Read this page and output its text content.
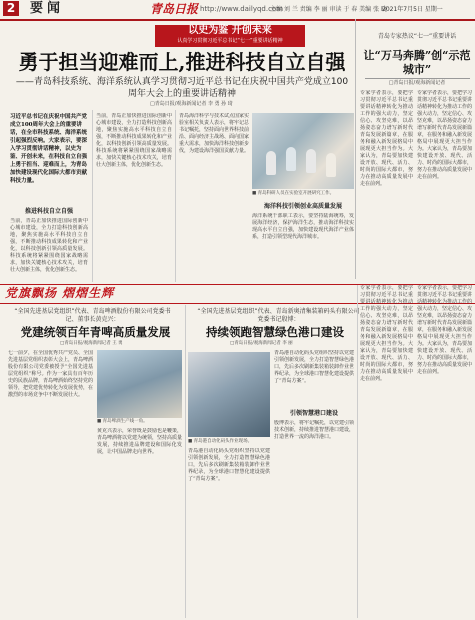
2 要闻	青岛日报 http://www.dailyqd.com
主编 刘 兰 责编 李 丽 审读 于 春 美编 张 晓
2021年7月5日 星期一
以史为鉴 开创未来
认真学习贯彻习近平总书记“七一”重要讲话精神
勇于担当迎难而上,推进科技自立自强
——青岛科技系统、海洋系统认真学习贯彻习近平总书记在庆祝中国共产党成立100周年大会上的重要讲话精神
□青岛日报/观海新闻记者 李 勇 孙 琦
习近平总书记在庆祝中国共产党成立100周年大会上的重要讲话，在全市科技系统、海洋系统引起强烈反响。大家表示，要深入学习贯彻讲话精神，以史为鉴、开创未来，在科技自立自强上勇于担当、迎难而上，为青岛加快建设现代化国际大都市贡献科技力量。
推进科技自立自强
当前，青岛正加快推进国际创新中心城市建设，全力打造科技创新高地，聚焦实施高水平科技自立自强，不断推动科技成果转化和产业化，以科技创新引领高质量发展。科技系统将紧紧围绕国家战略需求，加快关键核心技术攻关，培育壮大创新主体，优化创新生态。
当前，青岛正加快推进国际创新中心城市建设，全力打造科技创新高地，聚焦实施高水平科技自立自强，不断推动科技成果转化和产业化，以科技创新引领高质量发展。科技系统将紧紧围绕国家战略需求，加快关键核心技术攻关，培育壮大创新主体，优化创新生态。
青岛海洋科学与技术试点国家实验室相关负责人表示，将牢记总书记嘱托，坚持面向世界科技前沿、面向经济主战场、面向国家重大需求，加快海洋科技创新步伐，为建设海洋强国贡献力量。
■ 青岛科研人员在实验室开展研究工作。
海洋科技引领创业高质量发展
海洋系统干部职工表示，要坚持陆海统筹，发展海洋经济，保护海洋生态，推动海洋科技实现高水平自立自强，加快建设现代海洋产业体系，打造引领型现代海洋城市。
青岛专家热议“七一”重要讲话
让“万马奔腾”创“示范城市”
□青岛日报/观海新闻记者
专家学者表示，要把学习贯彻习近平总书记重要讲话精神转化为推动工作的强大动力，坚定信心、攻坚克难，以昂扬姿态奋力谱写新时代青岛发展新篇章，在服务和融入新发展格局中展现更大担当作为。大家认为，青岛要加快建设开放、现代、活力、时尚的国际大都市，努力在推动高质量发展中走在前列。
专家学者表示，要把学习贯彻习近平总书记重要讲话精神转化为推动工作的强大动力，坚定信心、攻坚克难，以昂扬姿态奋力谱写新时代青岛发展新篇章，在服务和融入新发展格局中展现更大担当作为。大家认为，青岛要加快建设开放、现代、活力、时尚的国际大都市，努力在推动高质量发展中走在前列。
党旗飘扬 熠熠生辉
“全国先进基层党组织”代表、青岛啤酒股份有限公司党委书记、董事长黄克兴：
党建统领百年青啤高质量发展
□青岛日报/观海新闻记者 王 勇
七一前夕，在全国优秀共产党员、全国先进基层党组织表彰大会上，青岛啤酒股份有限公司党委被授予“全国先进基层党组织”称号。作为一家具有百年历史的民族品牌，青岛啤酒始终坚持党的领导，把党建优势转化为发展优势，在激烈的市场竞争中不断发展壮大。
■ 青岛啤酒生产线一角。
黄克兴表示，荣誉既是鼓励也是鞭策，青岛啤酒将以党建为统领，坚持高质量发展，持续推进品牌建设和国际化发展，让中国品牌走向世界。
“全国先进基层党组织”代表、青岛新奥清集装箱码头有限公司党委书记殷博：
持续领跑智慧绿色港口建设
□青岛日报/观海新闻记者 李 丽
■ 青岛港自动化码头作业现场。
青岛港自动化码头党组织坚持以党建引领创新发展，全力打造智慧绿色港口，先后多次刷新集装箱装卸作业世界纪录，为全球港口智慧化建设提供了“青岛方案”。
青岛港自动化码头党组织坚持以党建引领创新发展，全力打造智慧绿色港口，先后多次刷新集装箱装卸作业世界纪录，为全球港口智慧化建设提供了“青岛方案”。
引领智慧港口建设
殷博表示，将牢记嘱托，以党建引领技术创新，持续推进智慧港口建设，打造世界一流的海洋港口。
专家学者表示，要把学习贯彻习近平总书记重要讲话精神转化为推动工作的强大动力，坚定信心、攻坚克难，以昂扬姿态奋力谱写新时代青岛发展新篇章，在服务和融入新发展格局中展现更大担当作为。大家认为，青岛要加快建设开放、现代、活力、时尚的国际大都市，努力在推动高质量发展中走在前列。
专家学者表示，要把学习贯彻习近平总书记重要讲话精神转化为推动工作的强大动力，坚定信心、攻坚克难，以昂扬姿态奋力谱写新时代青岛发展新篇章，在服务和融入新发展格局中展现更大担当作为。大家认为，青岛要加快建设开放、现代、活力、时尚的国际大都市，努力在推动高质量发展中走在前列。
